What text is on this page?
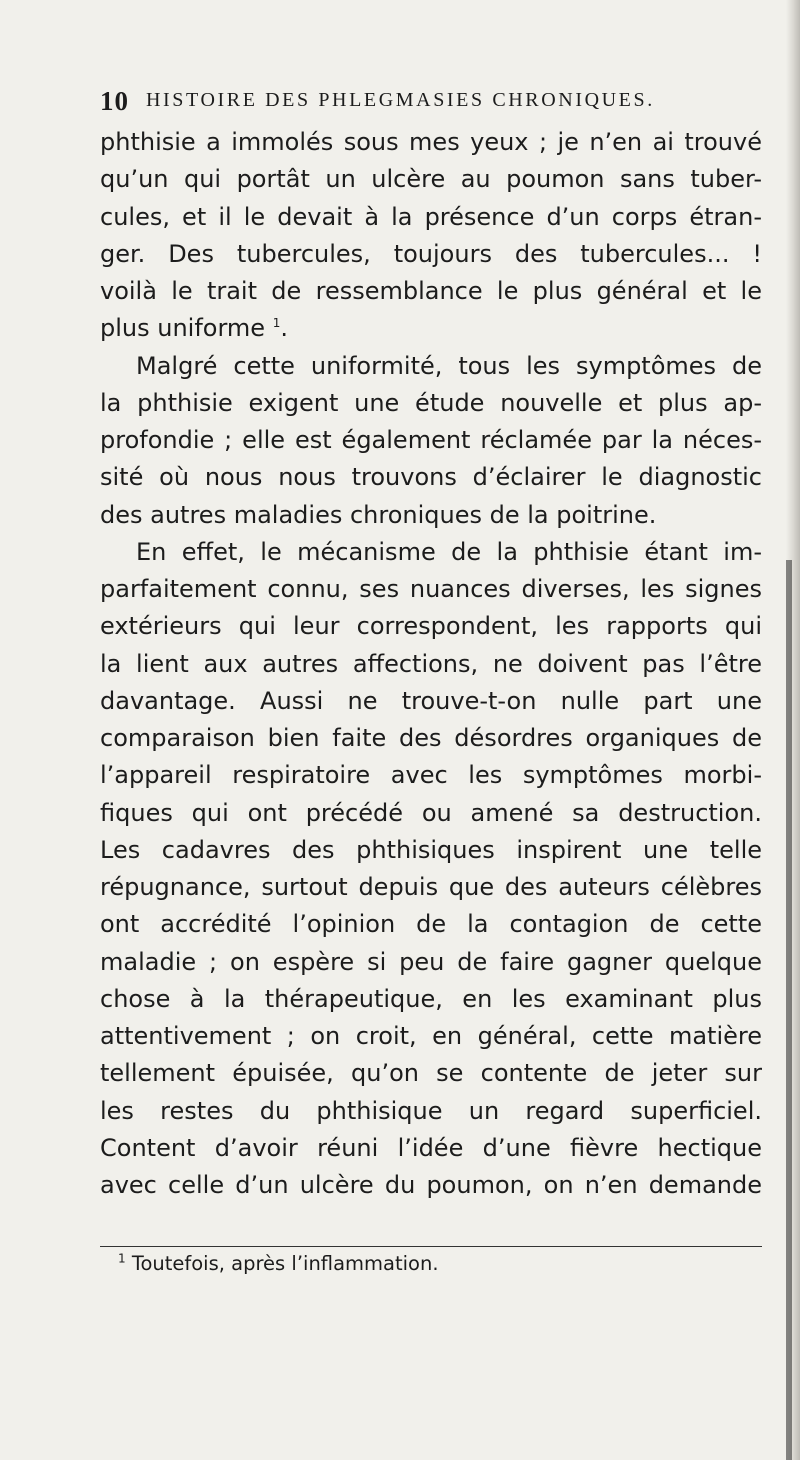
10 HISTOIRE DES PHLEGMASIES CHRONIQUES.
phthisie a immolés sous mes yeux ; je n’en ai trouvé
qu’un qui portât un ulcère au poumon sans tuber-
cules, et il le devait à la présence d’un corps étran-
ger. Des tubercules, toujours des tubercules... !
voilà le trait de ressemblance le plus général et le
plus uniforme $^1$.
Malgré cette uniformité, tous les symptômes de
la phthisie exigent une étude nouvelle et plus ap-
profondie ; elle est également réclamée par la néces-
sité où nous nous trouvons d’éclairer le diagnostic
des autres maladies chroniques de la poitrine.
En effet, le mécanisme de la phthisie étant im-
parfaitement connu, ses nuances diverses, les signes
extérieurs qui leur correspondent, les rapports qui
la lient aux autres affections, ne doivent pas l’être
davantage. Aussi ne trouve-t-on nulle part une
comparaison bien faite des désordres organiques de
l’appareil respiratoire avec les symptômes morbi-
fiques qui ont précédé ou amené sa destruction.
Les cadavres des phthisiques inspirent une telle
répugnance, surtout depuis que des auteurs célèbres
ont accrédité l’opinion de la contagion de cette
maladie ; on espère si peu de faire gagner quelque
chose à la thérapeutique, en les examinant plus
attentivement ; on croit, en général, cette matière
tellement épuisée, qu’on se contente de jeter sur
les restes du phthisique un regard superficiel.
Content d’avoir réuni l’idée d’une fièvre hectique
avec celle d’un ulcère du poumon, on n’en demande
$^1$ Toutefois, après l’inflammation.
